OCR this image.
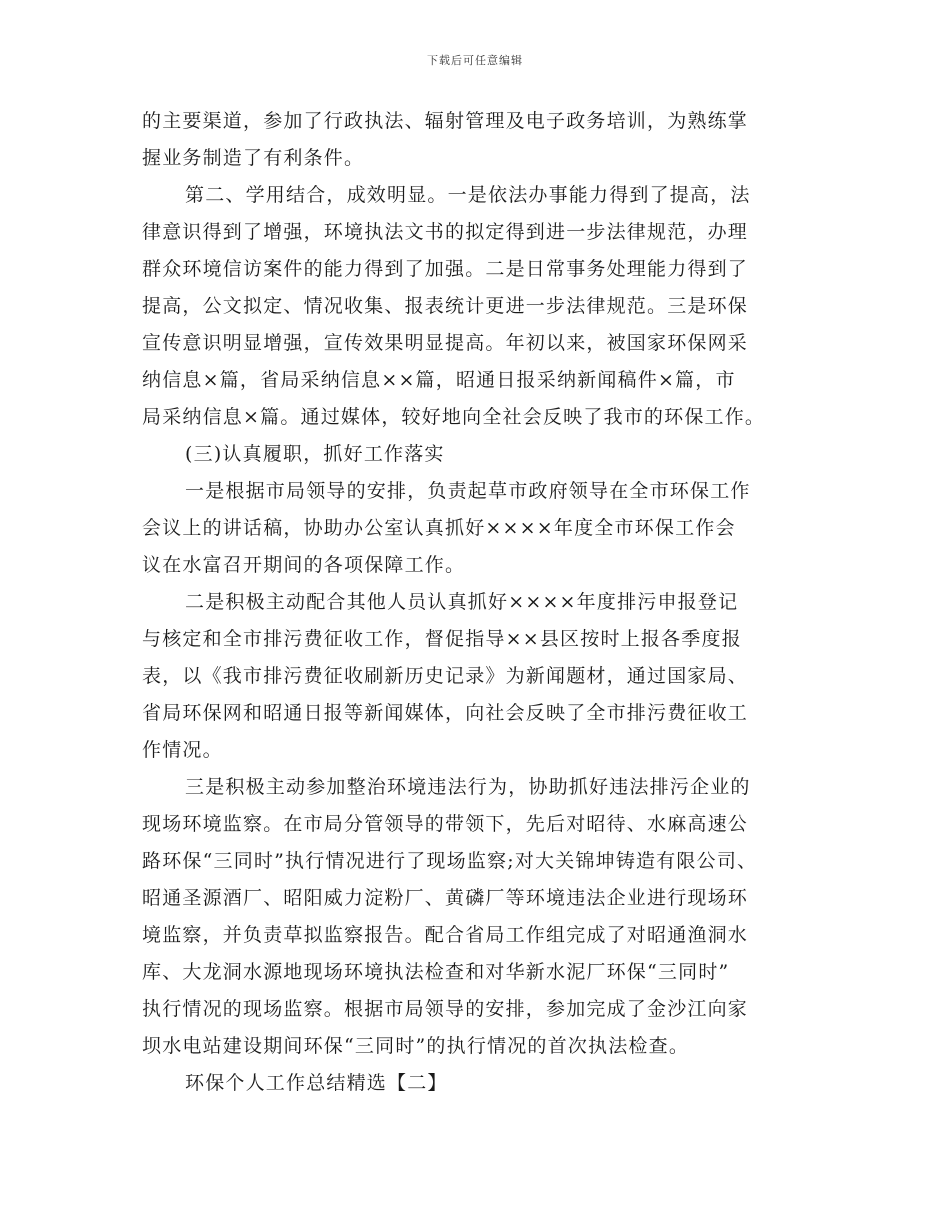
下载后可任意编辑
的主要渠道，参加了行政执法、辐射管理及电子政务培训，为熟练掌
握业务制造了有利条件。
第二、学用结合，成效明显。一是依法办事能力得到了提高，法
律意识得到了增强，环境执法文书的拟定得到进一步法律规范，办理
群众环境信访案件的能力得到了加强。二是日常事务处理能力得到了
提高，公文拟定、情况收集、报表统计更进一步法律规范。三是环保
宣传意识明显增强，宣传效果明显提高。年初以来，被国家环保网采
纳信息×篇，省局采纳信息××篇，昭通日报采纳新闻稿件×篇，市
局采纳信息×篇。通过媒体，较好地向全社会反映了我市的环保工作。
(三)认真履职，抓好工作落实
一是根据市局领导的安排，负责起草市政府领导在全市环保工作
会议上的讲话稿，协助办公室认真抓好××××年度全市环保工作会
议在水富召开期间的各项保障工作。
二是积极主动配合其他人员认真抓好××××年度排污申报登记
与核定和全市排污费征收工作，督促指导××县区按时上报各季度报
表，以《我市排污费征收刷新历史记录》为新闻题材，通过国家局、
省局环保网和昭通日报等新闻媒体，向社会反映了全市排污费征收工
作情况。
三是积极主动参加整治环境违法行为，协助抓好违法排污企业的
现场环境监察。在市局分管领导的带领下，先后对昭待、水麻高速公
路环保“三同时”执行情况进行了现场监察;对大关锦坤铸造有限公司、
昭通圣源酒厂、昭阳威力淀粉厂、黄磷厂等环境违法企业进行现场环
境监察，并负责草拟监察报告。配合省局工作组完成了对昭通渔洞水
库、大龙洞水源地现场环境执法检查和对华新水泥厂环保“三同时”
执行情况的现场监察。根据市局领导的安排，参加完成了金沙江向家
坝水电站建设期间环保“三同时”的执行情况的首次执法检查。
环保个人工作总结精选【二】
